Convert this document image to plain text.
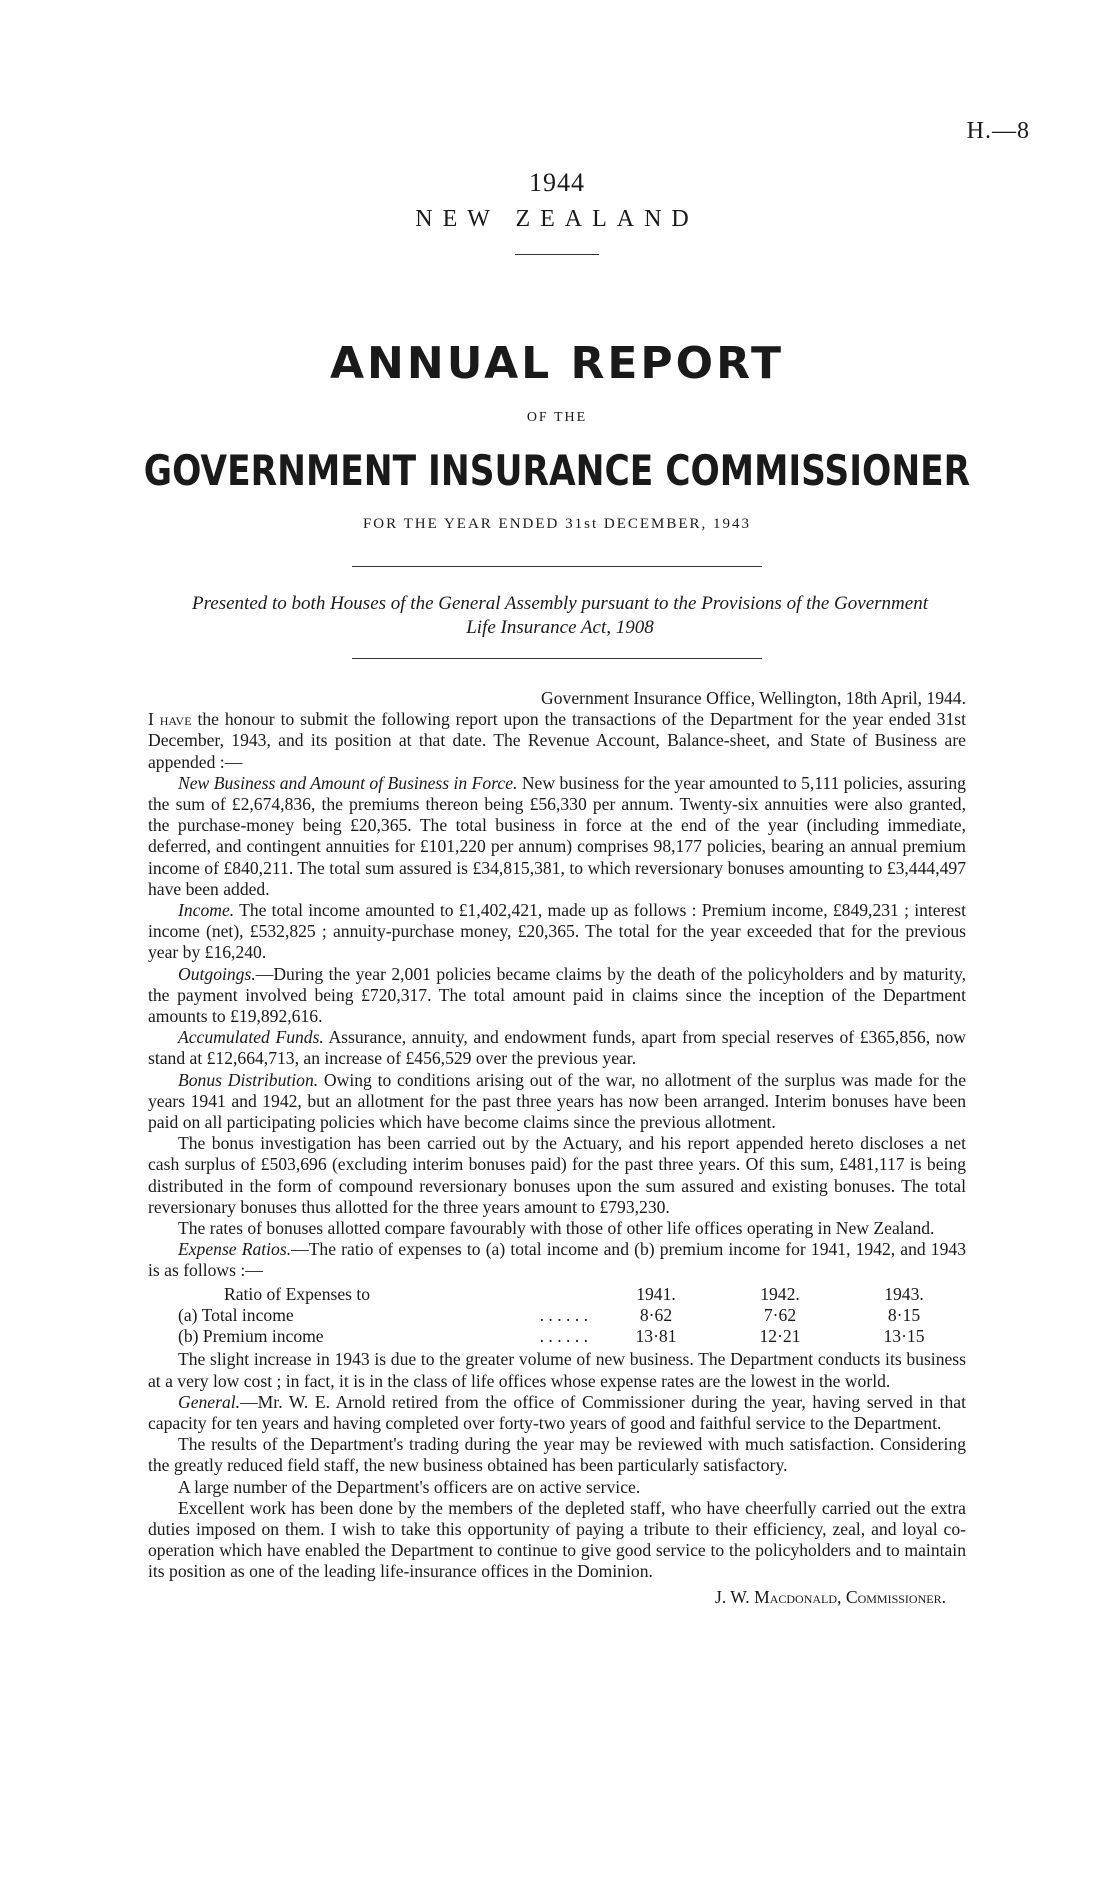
H.—8
1944
NEW ZEALAND
ANNUAL REPORT
OF THE
GOVERNMENT INSURANCE COMMISSIONER
FOR THE YEAR ENDED 31st DECEMBER, 1943
Presented to both Houses of the General Assembly pursuant to the Provisions of the Government Life Insurance Act, 1908

Government Insurance Office, Wellington, 18th April, 1944.

I have the honour to submit the following report upon the transactions of the Department for the year ended 31st December, 1943, and its position at that date. The Revenue Account, Balance-sheet, and State of Business are appended :—

New Business and Amount of Business in Force. New business for the year amounted to 5,111 policies, assuring the sum of £2,674,836, the premiums thereon being £56,330 per annum. Twenty-six annuities were also granted, the purchase-money being £20,365. The total business in force at the end of the year (including immediate, deferred, and contingent annuities for £101,220 per annum) comprises 98,177 policies, bearing an annual premium income of £840,211. The total sum assured is £34,815,381, to which reversionary bonuses amounting to £3,444,497 have been added.

Income. The total income amounted to £1,402,421, made up as follows : Premium income, £849,231 ; interest income (net), £532,825 ; annuity-purchase money, £20,365. The total for the year exceeded that for the previous year by £16,240.

Outgoings.—During the year 2,001 policies became claims by the death of the policyholders and by maturity, the payment involved being £720,317. The total amount paid in claims since the inception of the Department amounts to £19,892,616.

Accumulated Funds. Assurance, annuity, and endowment funds, apart from special reserves of £365,856, now stand at £12,664,713, an increase of £456,529 over the previous year.

Bonus Distribution. Owing to conditions arising out of the war, no allotment of the surplus was made for the years 1941 and 1942, but an allotment for the past three years has now been arranged. Interim bonuses have been paid on all participating policies which have become claims since the previous allotment.

The bonus investigation has been carried out by the Actuary, and his report appended hereto discloses a net cash surplus of £503,696 (excluding interim bonuses paid) for the past three years. Of this sum, £481,117 is being distributed in the form of compound reversionary bonuses upon the sum assured and existing bonuses. The total reversionary bonuses thus allotted for the three years amount to £793,230.

The rates of bonuses allotted compare favourably with those of other life offices operating in New Zealand.

Expense Ratios.—The ratio of expenses to (a) total income and (b) premium income for 1941, 1942, and 1943 is as follows :—

Ratio of Expenses to	1941.	1942.	1943.
(a) Total income . . . . . .	8·62	7·62	8·15
(b) Premium income . . . . . .	13·81	12·21	13·15

The slight increase in 1943 is due to the greater volume of new business. The Department conducts its business at a very low cost ; in fact, it is in the class of life offices whose expense rates are the lowest in the world.

General.—Mr. W. E. Arnold retired from the office of Commissioner during the year, having served in that capacity for ten years and having completed over forty-two years of good and faithful service to the Department.

The results of the Department's trading during the year may be reviewed with much satisfaction. Considering the greatly reduced field staff, the new business obtained has been particularly satisfactory.

A large number of the Department's officers are on active service.

Excellent work has been done by the members of the depleted staff, who have cheerfully carried out the extra duties imposed on them. I wish to take this opportunity of paying a tribute to their efficiency, zeal, and loyal co-operation which have enabled the Department to continue to give good service to the policyholders and to maintain its position as one of the leading life-insurance offices in the Dominion.

J. W. Macdonald, Commissioner.
